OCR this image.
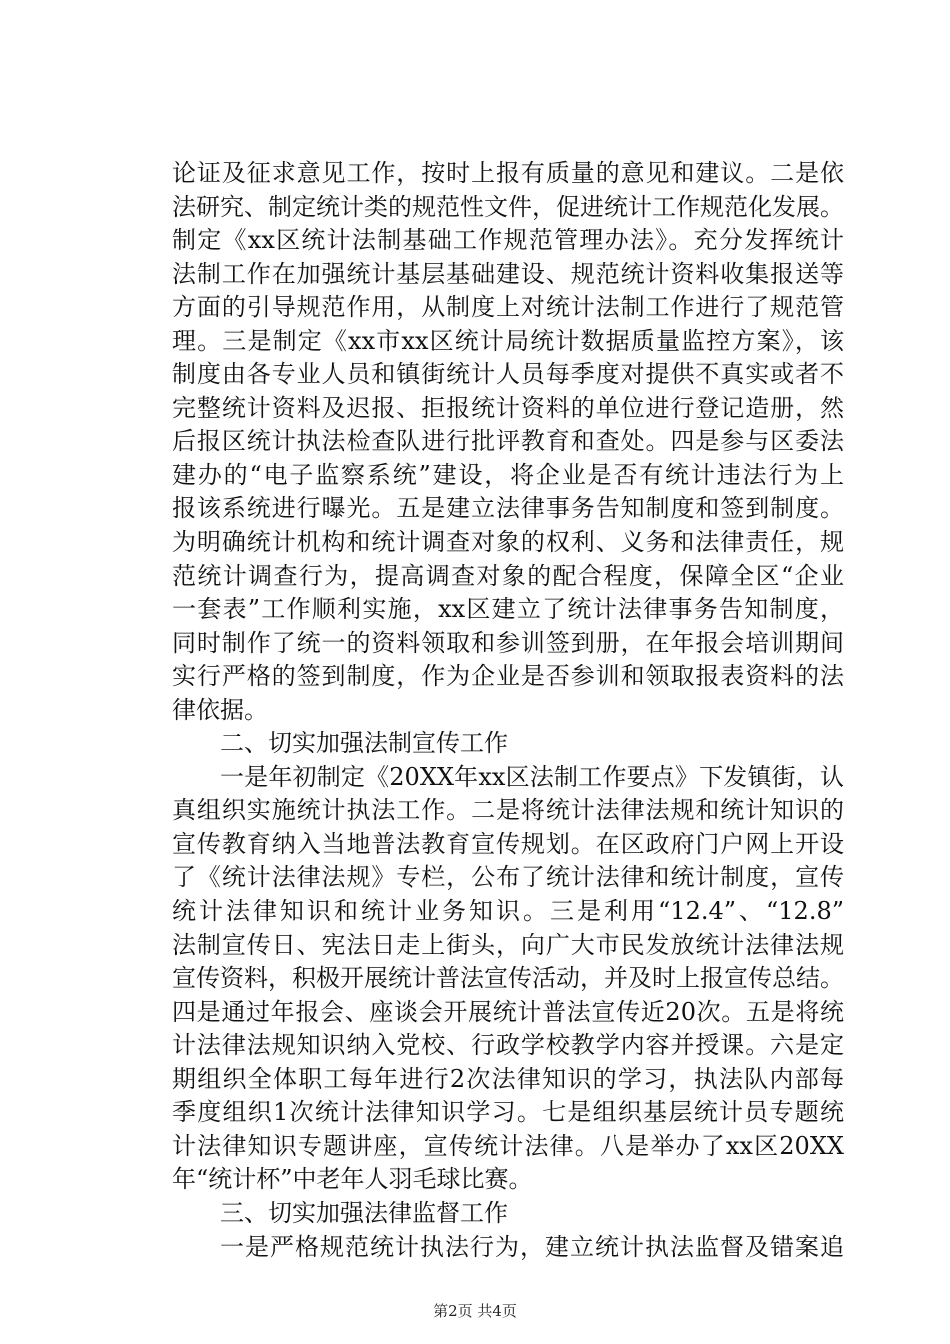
论证及征求意见工作，按时上报有质量的意见和建议。二是依
法研究、制定统计类的规范性文件，促进统计工作规范化发展。
制定《xx区统计法制基础工作规范管理办法》。充分发挥统计
法制工作在加强统计基层基础建设、规范统计资料收集报送等
方面的引导规范作用，从制度上对统计法制工作进行了规范管
理。三是制定《xx市xx区统计局统计数据质量监控方案》，该
制度由各专业人员和镇街统计人员每季度对提供不真实或者不
完整统计资料及迟报、拒报统计资料的单位进行登记造册，然
后报区统计执法检查队进行批评教育和查处。四是参与区委法
建办的“电子监察系统”建设，将企业是否有统计违法行为上
报该系统进行曝光。五是建立法律事务告知制度和签到制度。
为明确统计机构和统计调查对象的权利、义务和法律责任，规
范统计调查行为，提高调查对象的配合程度，保障全区“企业
一套表”工作顺利实施，xx区建立了统计法律事务告知制度，
同时制作了统一的资料领取和参训签到册，在年报会培训期间
实行严格的签到制度，作为企业是否参训和领取报表资料的法
律依据。
二、切实加强法制宣传工作
一是年初制定《20XX年xx区法制工作要点》下发镇街，认
真组织实施统计执法工作。二是将统计法律法规和统计知识的
宣传教育纳入当地普法教育宣传规划。在区政府门户网上开设
了《统计法律法规》专栏，公布了统计法律和统计制度，宣传
统计法律知识和统计业务知识。三是利用“12.4”、“12.8”
法制宣传日、宪法日走上街头，向广大市民发放统计法律法规
宣传资料，积极开展统计普法宣传活动，并及时上报宣传总结。
四是通过年报会、座谈会开展统计普法宣传近20次。五是将统
计法律法规知识纳入党校、行政学校教学内容并授课。六是定
期组织全体职工每年进行2次法律知识的学习，执法队内部每
季度组织1次统计法律知识学习。七是组织基层统计员专题统
计法律知识专题讲座，宣传统计法律。八是举办了xx区20XX
年“统计杯”中老年人羽毛球比赛。
三、切实加强法律监督工作
一是严格规范统计执法行为，建立统计执法监督及错案追
第2页 共4页
